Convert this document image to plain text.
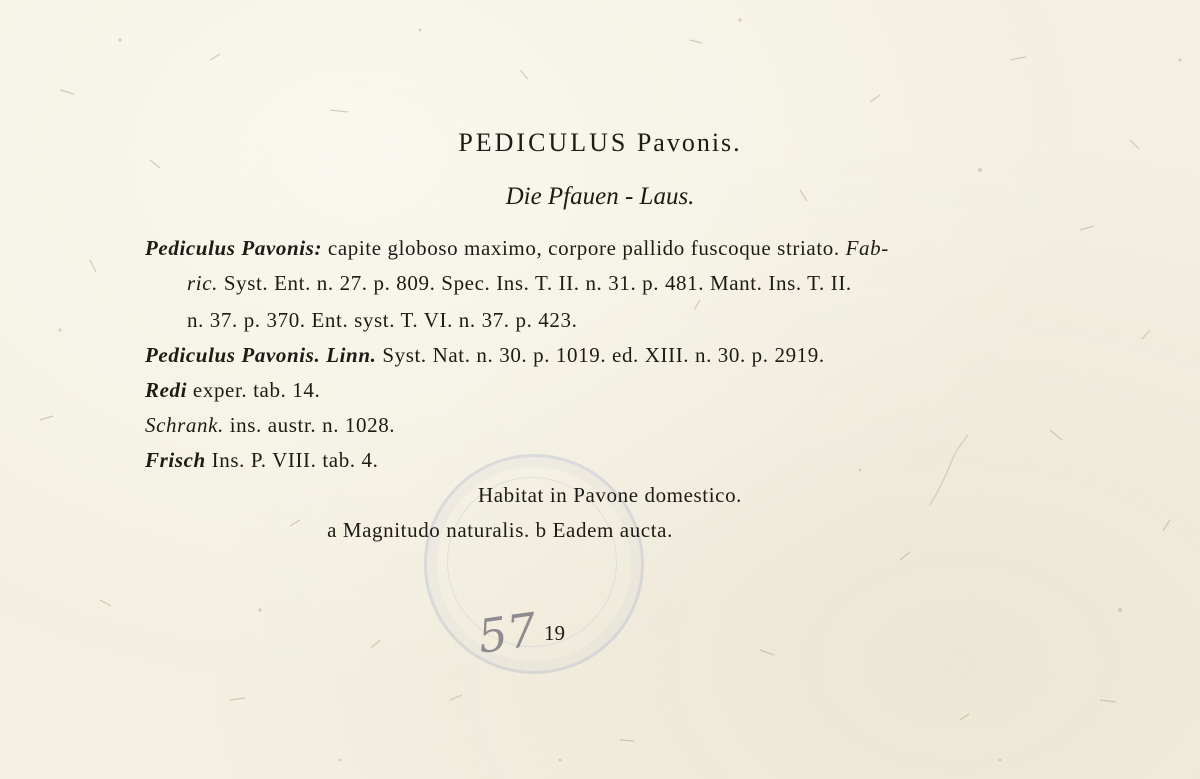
PEDICULUS Pavonis.
Die Pfauen - Laus.
Pediculus Pavonis: capite globoso maximo, corpore pallido fuscoque striato. Fab-
ric. Syst. Ent. n. 27. p. 809. Spec. Ins. T. II. n. 31. p. 481. Mant. Ins. T. II.
n. 37. p. 370. Ent. syst. T. VI. n. 37. p. 423.
Pediculus Pavonis. Linn. Syst. Nat. n. 30. p. 1019. ed. XIII. n. 30. p. 2919.
Redi exper. tab. 14.
Schrank. ins. austr. n. 1028.
Frisch Ins. P. VIII. tab. 4.
Habitat in Pavone domestico.
a Magnitudo naturalis. b Eadem aucta.
57 19
